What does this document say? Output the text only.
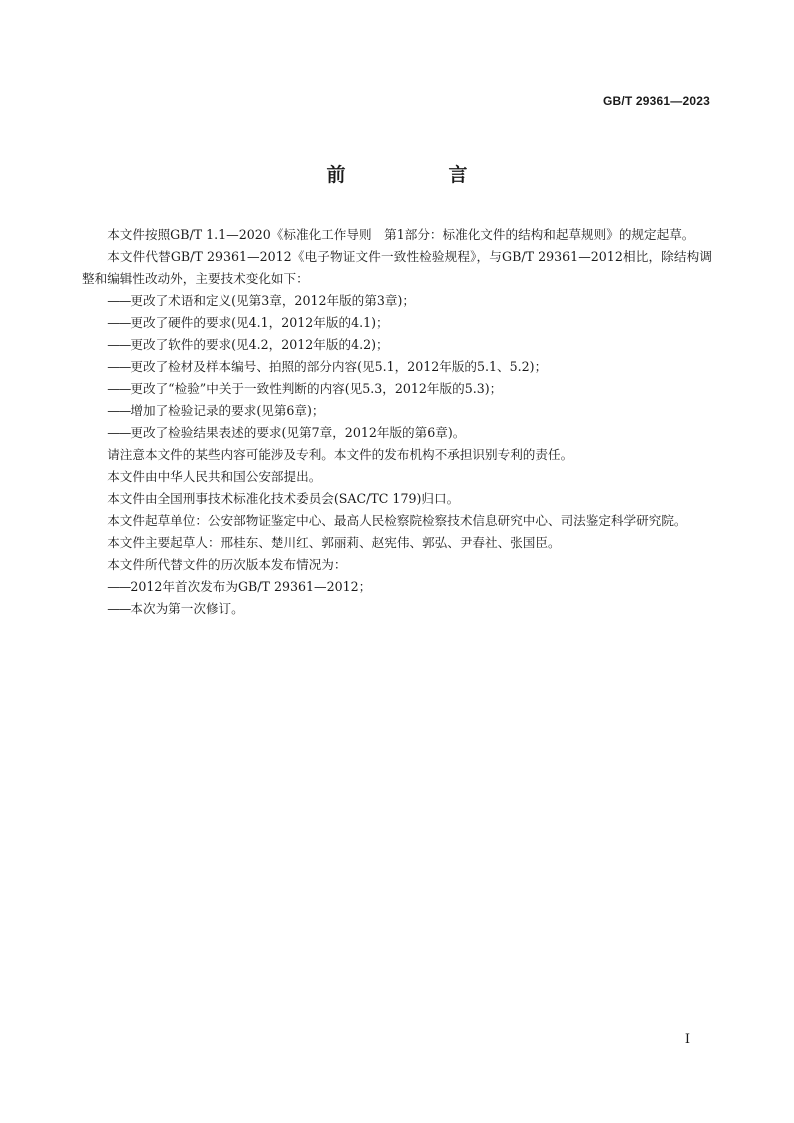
GB/T 29361—2023
前　言

本文件按照GB/T 1.1—2020《标准化工作导则　第1部分：标准化文件的结构和起草规则》的规定起草。

本文件代替GB/T 29361—2012《电子物证文件一致性检验规程》，与GB/T 29361—2012相比，除结构调整和编辑性改动外，主要技术变化如下：

——更改了术语和定义(见第3章，2012年版的第3章)；

——更改了硬件的要求(见4.1，2012年版的4.1)；

——更改了软件的要求(见4.2，2012年版的4.2)；

——更改了检材及样本编号、拍照的部分内容(见5.1，2012年版的5.1、5.2)；

——更改了“检验”中关于一致性判断的内容(见5.3，2012年版的5.3)；

——增加了检验记录的要求(见第6章)；

——更改了检验结果表述的要求(见第7章，2012年版的第6章)。

请注意本文件的某些内容可能涉及专利。本文件的发布机构不承担识别专利的责任。

本文件由中华人民共和国公安部提出。

本文件由全国刑事技术标准化技术委员会(SAC/TC 179)归口。

本文件起草单位：公安部物证鉴定中心、最高人民检察院检察技术信息研究中心、司法鉴定科学研究院。

本文件主要起草人：邢桂东、楚川红、郭丽莉、赵宪伟、郭弘、尹春社、张国臣。

本文件所代替文件的历次版本发布情况为：

——2012年首次发布为GB/T 29361—2012；

——本次为第一次修订。

I
